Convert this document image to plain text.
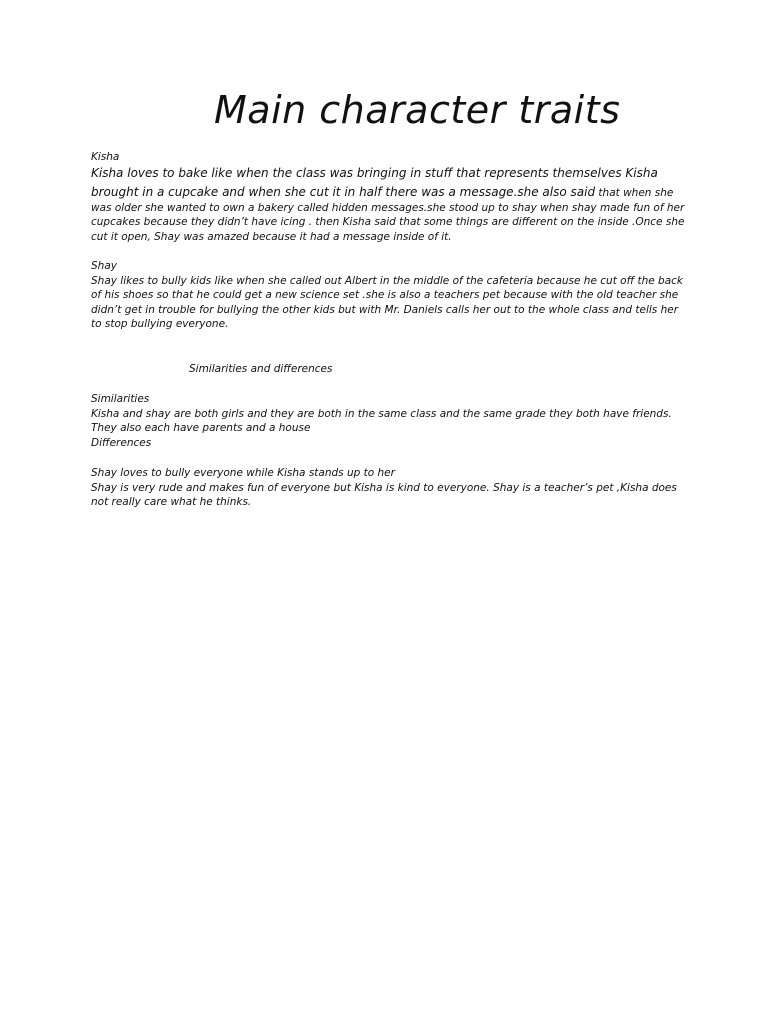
Main character traits
Kisha
Kisha loves to bake like when the class was bringing in stuff that represents themselves Kisha
brought in a cupcake and when she cut it in half there was a message.she also said that when she
was older she wanted to own a bakery called hidden messages.she stood up to shay when shay made fun of her
cupcakes because they didn’t have icing . then Kisha said that some things are different on the inside .Once she
cut it open, Shay was amazed because it had a message inside of it.
Shay
Shay likes to bully kids like when she called out Albert in the middle of the cafeteria because he cut off the back
of his shoes so that he could get a new science set .she is also a teachers pet because with the old teacher she
didn’t get in trouble for bullying the other kids but with Mr. Daniels calls her out to the whole class and tells her
to stop bullying everyone.

Similarities and differences

Similarities
Kisha and shay are both girls and they are both in the same class and the same grade they both have friends.
They also each have parents and a house
Differences
Shay loves to bully everyone while Kisha stands up to her
Shay is very rude and makes fun of everyone but Kisha is kind to everyone. Shay is a teacher’s pet ,Kisha does
not really care what he thinks.
